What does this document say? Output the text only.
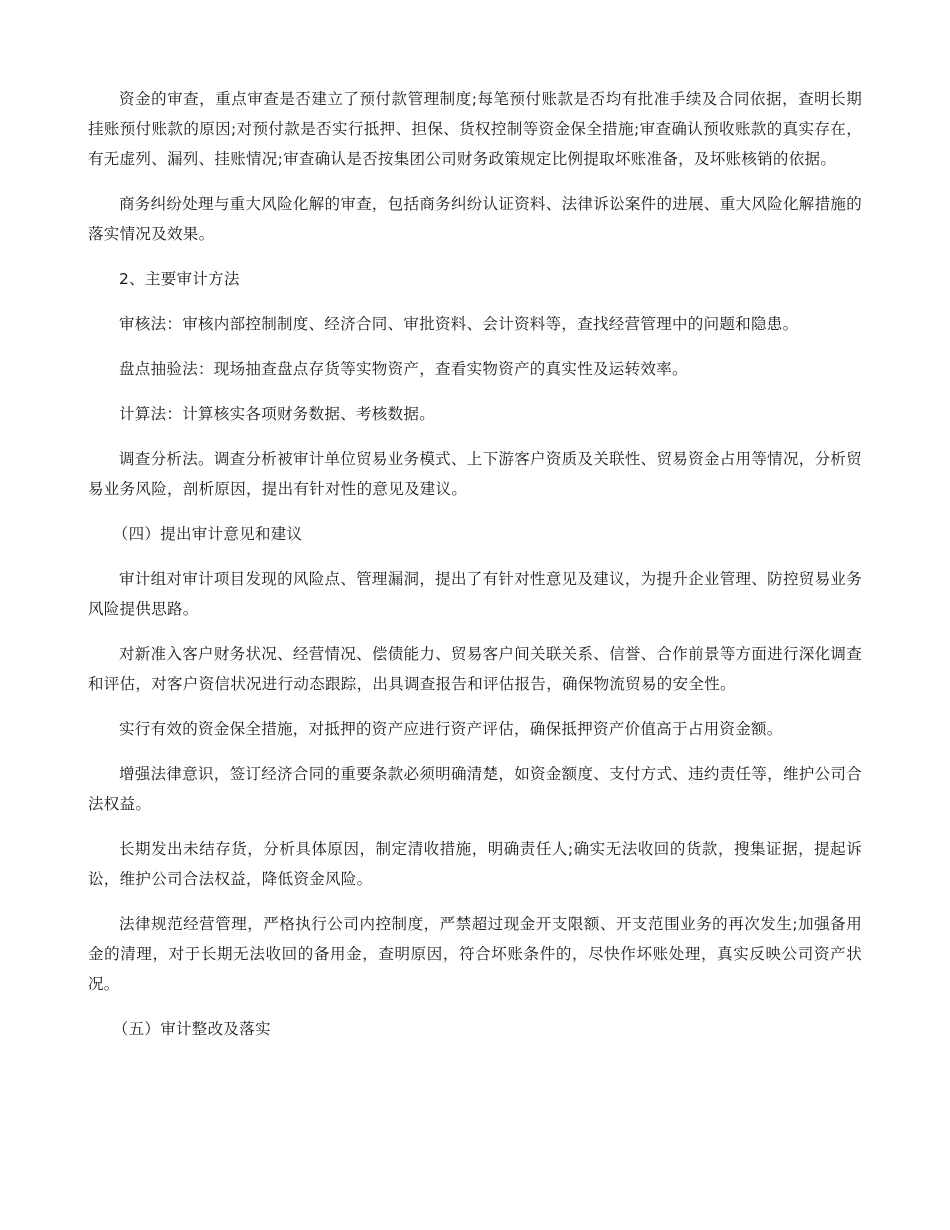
资金的审查，重点审查是否建立了预付款管理制度;每笔预付账款是否均有批准手续及合同依据，查明长期挂账预付账款的原因;对预付款是否实行抵押、担保、货权控制等资金保全措施;审查确认预收账款的真实存在，有无虚列、漏列、挂账情况;审查确认是否按集团公司财务政策规定比例提取坏账准备，及坏账核销的依据。

商务纠纷处理与重大风险化解的审查，包括商务纠纷认证资料、法律诉讼案件的进展、重大风险化解措施的落实情况及效果。

2、主要审计方法

审核法：审核内部控制制度、经济合同、审批资料、会计资料等，查找经营管理中的问题和隐患。

盘点抽验法：现场抽查盘点存货等实物资产，查看实物资产的真实性及运转效率。

计算法：计算核实各项财务数据、考核数据。

调查分析法。调查分析被审计单位贸易业务模式、上下游客户资质及关联性、贸易资金占用等情况，分析贸易业务风险，剖析原因，提出有针对性的意见及建议。

（四）提出审计意见和建议

审计组对审计项目发现的风险点、管理漏洞，提出了有针对性意见及建议，为提升企业管理、防控贸易业务风险提供思路。

对新准入客户财务状况、经营情况、偿债能力、贸易客户间关联关系、信誉、合作前景等方面进行深化调查和评估，对客户资信状况进行动态跟踪，出具调查报告和评估报告，确保物流贸易的安全性。

实行有效的资金保全措施，对抵押的资产应进行资产评估，确保抵押资产价值高于占用资金额。

增强法律意识，签订经济合同的重要条款必须明确清楚，如资金额度、支付方式、违约责任等，维护公司合法权益。

长期发出未结存货，分析具体原因，制定清收措施，明确责任人;确实无法收回的货款，搜集证据，提起诉讼，维护公司合法权益，降低资金风险。

法律规范经营管理，严格执行公司内控制度，严禁超过现金开支限额、开支范围业务的再次发生;加强备用金的清理，对于长期无法收回的备用金，查明原因，符合坏账条件的，尽快作坏账处理，真实反映公司资产状况。

（五）审计整改及落实
